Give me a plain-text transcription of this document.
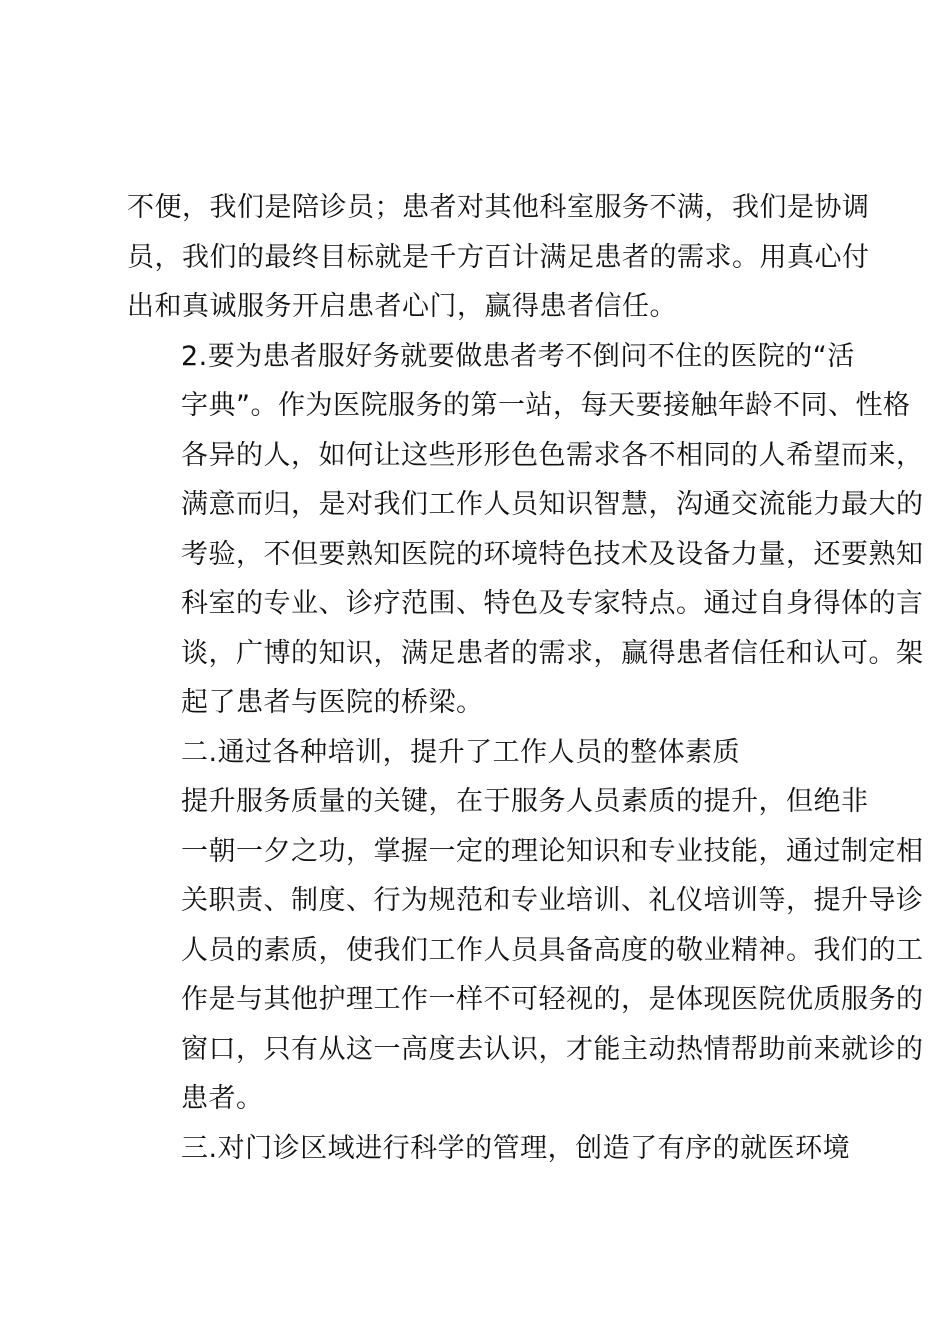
不便，我们是陪诊员；患者对其他科室服务不满，我们是协调
员，我们的最终目标就是千方百计满足患者的需求。用真心付
出和真诚服务开启患者心门，赢得患者信任。

2.要为患者服好务就要做患者考不倒问不住的医院的“活
字典”。作为医院服务的第一站，每天要接触年龄不同、性格
各异的人，如何让这些形形色色需求各不相同的人希望而来，
满意而归，是对我们工作人员知识智慧，沟通交流能力最大的
考验，不但要熟知医院的环境特色技术及设备力量，还要熟知
科室的专业、诊疗范围、特色及专家特点。通过自身得体的言
谈，广博的知识，满足患者的需求，赢得患者信任和认可。架
起了患者与医院的桥梁。

二.通过各种培训，提升了工作人员的整体素质

提升服务质量的关键，在于服务人员素质的提升，但绝非
一朝一夕之功，掌握一定的理论知识和专业技能，通过制定相
关职责、制度、行为规范和专业培训、礼仪培训等，提升导诊
人员的素质，使我们工作人员具备高度的敬业精神。我们的工
作是与其他护理工作一样不可轻视的，是体现医院优质服务的
窗口，只有从这一高度去认识，才能主动热情帮助前来就诊的
患者。

三.对门诊区域进行科学的管理，创造了有序的就医环境
